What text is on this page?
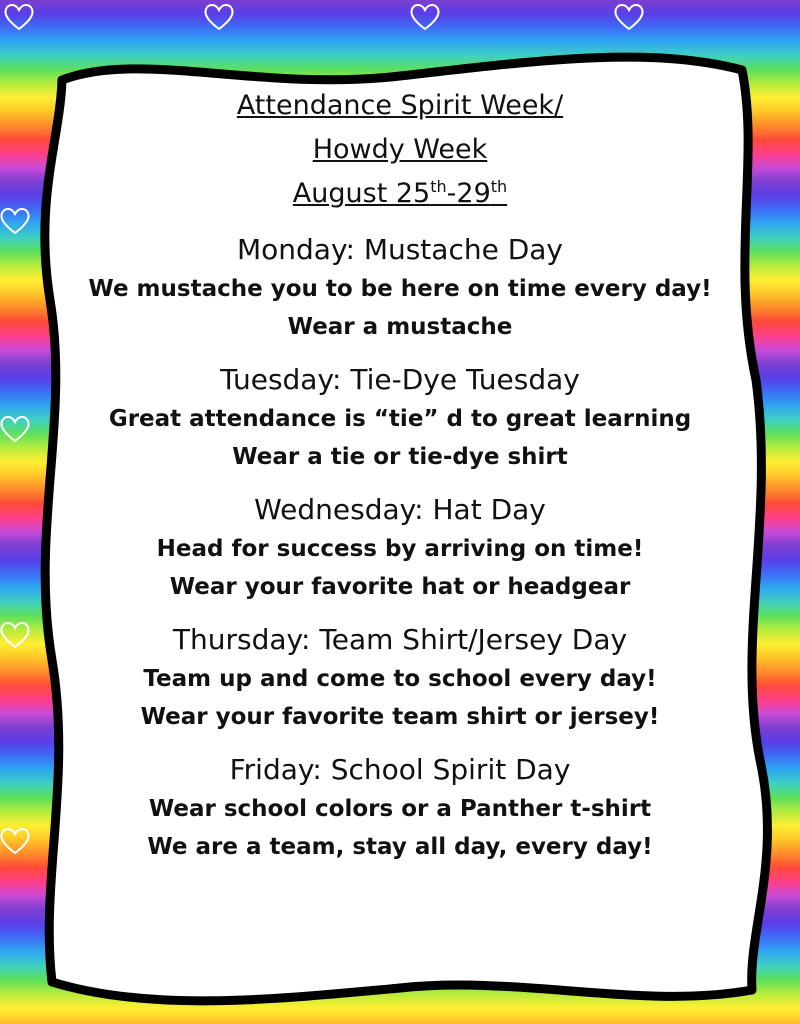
Attendance Spirit Week/

Howdy Week

August 25th-29th

Monday: Mustache Day

We mustache you to be here on time every day!

Wear a mustache

Tuesday: Tie-Dye Tuesday

Great attendance is “tie” d to great learning

Wear a tie or tie-dye shirt

Wednesday: Hat Day

Head for success by arriving on time!

Wear your favorite hat or headgear

Thursday: Team Shirt/Jersey Day

Team up and come to school every day!

Wear your favorite team shirt or jersey!

Friday: School Spirit Day

Wear school colors or a Panther t-shirt

We are a team, stay all day, every day!
